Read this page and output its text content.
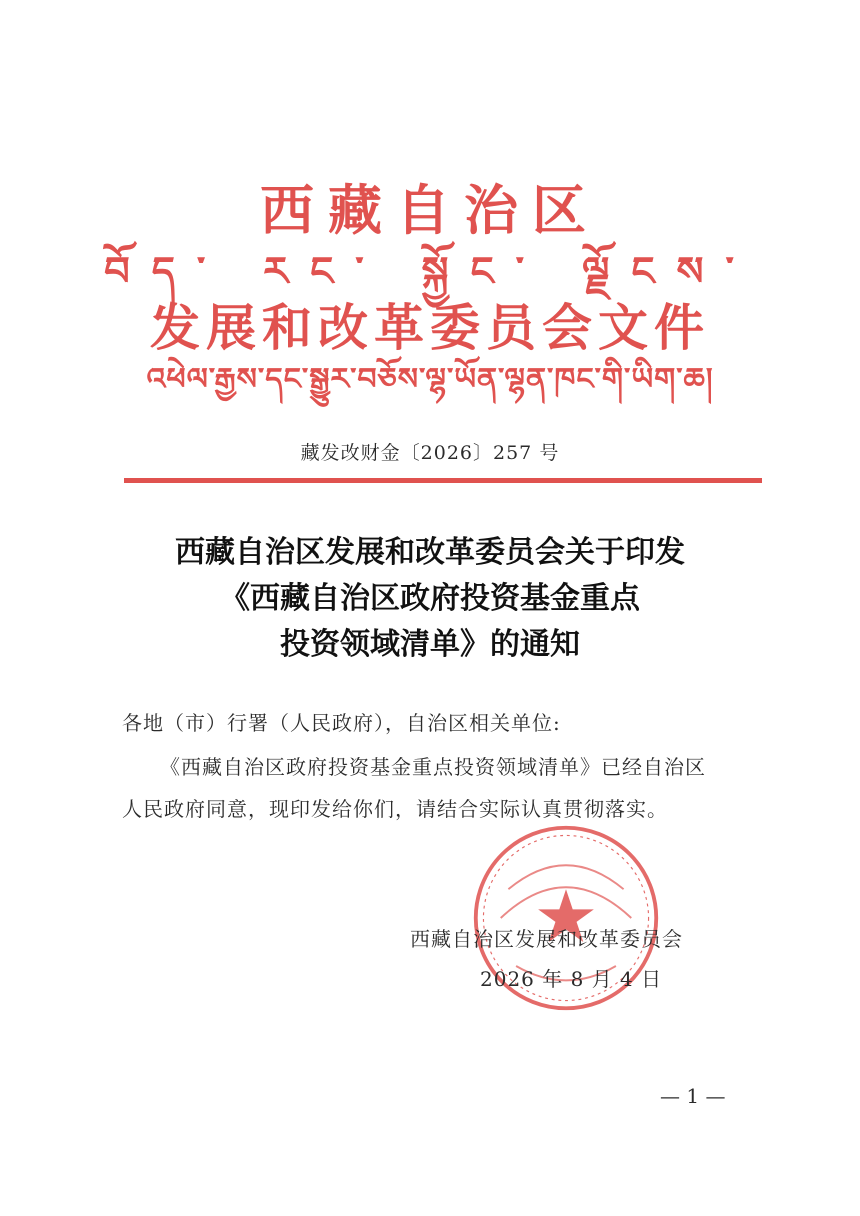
西藏自治区
བོད་ རང་ སྐྱོང་ ལྗོངས་
发展和改革委员会文件
འཕེལ་རྒྱས་དང་སྒྱུར་བཅོས་ལྷ་ཡོན་ལྷན་ཁང་གི་ཡིག་ཆ།
藏发改财金〔2026〕257 号
西藏自治区发展和改革委员会关于印发
《西藏自治区政府投资基金重点
投资领域清单》的通知
各地（市）行署（人民政府），自治区相关单位:
《西藏自治区政府投资基金重点投资领域清单》已经自治区
人民政府同意，现印发给你们，请结合实际认真贯彻落实。
西藏自治区发展和改革委员会
2026 年 8 月 4 日
— 1 —
